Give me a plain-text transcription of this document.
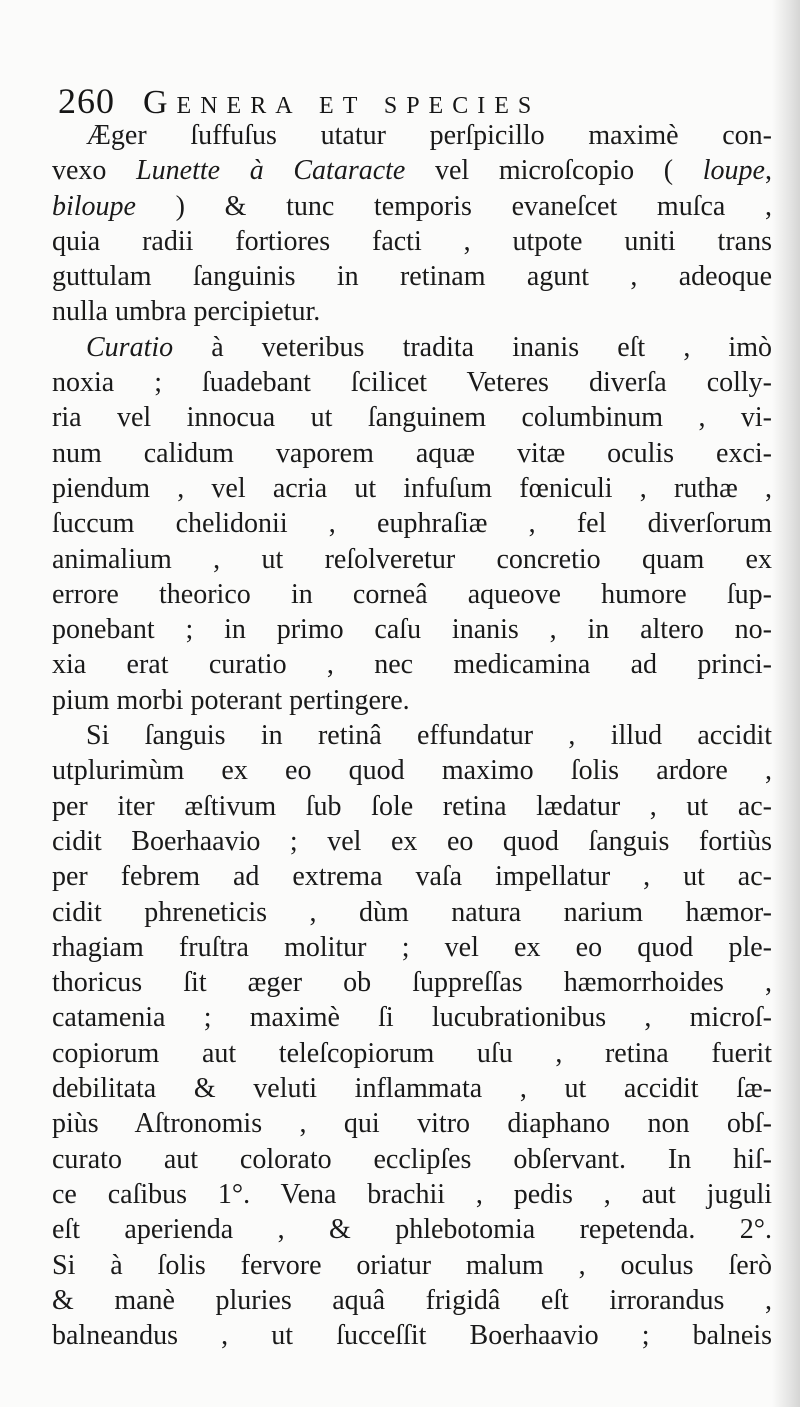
260 Genera et species
Æger ſuffuſus utatur perſpicillo maximè con-
vexo Lunette à Cataracte vel microſcopio ( loupe,
biloupe ) & tunc temporis evaneſcet muſca ,
quia radii fortiores facti , utpote uniti trans
guttulam ſanguinis in retinam agunt , adeoque
nulla umbra percipietur.
Curatio à veteribus tradita inanis eſt , imò
noxia ; ſuadebant ſcilicet Veteres diverſa colly-
ria vel innocua ut ſanguinem columbinum , vi-
num calidum vaporem aquæ vitæ oculis exci-
piendum , vel acria ut infuſum fœniculi , ruthæ ,
ſuccum chelidonii , euphraſiæ , fel diverſorum
animalium , ut reſolveretur concretio quam ex
errore theorico in corneâ aqueove humore ſup-
ponebant ; in primo caſu inanis , in altero no-
xia erat curatio , nec medicamina ad princi-
pium morbi poterant pertingere.
Si ſanguis in retinâ effundatur , illud accidit
utplurimùm ex eo quod maximo ſolis ardore ,
per iter æſtivum ſub ſole retina lædatur , ut ac-
cidit Boerhaavio ; vel ex eo quod ſanguis fortiùs
per febrem ad extrema vaſa impellatur , ut ac-
cidit phreneticis , dùm natura narium hæmor-
rhagiam fruſtra molitur ; vel ex eo quod ple-
thoricus ſit æger ob ſuppreſſas hæmorrhoides ,
catamenia ; maximè ſi lucubrationibus , microſ-
copiorum aut teleſcopiorum uſu , retina fuerit
debilitata & veluti inflammata , ut accidit ſæ-
piùs Aſtronomis , qui vitro diaphano non obſ-
curato aut colorato ecclipſes obſervant. In hiſ-
ce caſibus 1°. Vena brachii , pedis , aut juguli
eſt aperienda , & phlebotomia repetenda. 2°.
Si à ſolis fervore oriatur malum , oculus ſerò
& manè pluries aquâ frigidâ eſt irrorandus ,
balneandus , ut ſucceſſit Boerhaavio ; balneis
